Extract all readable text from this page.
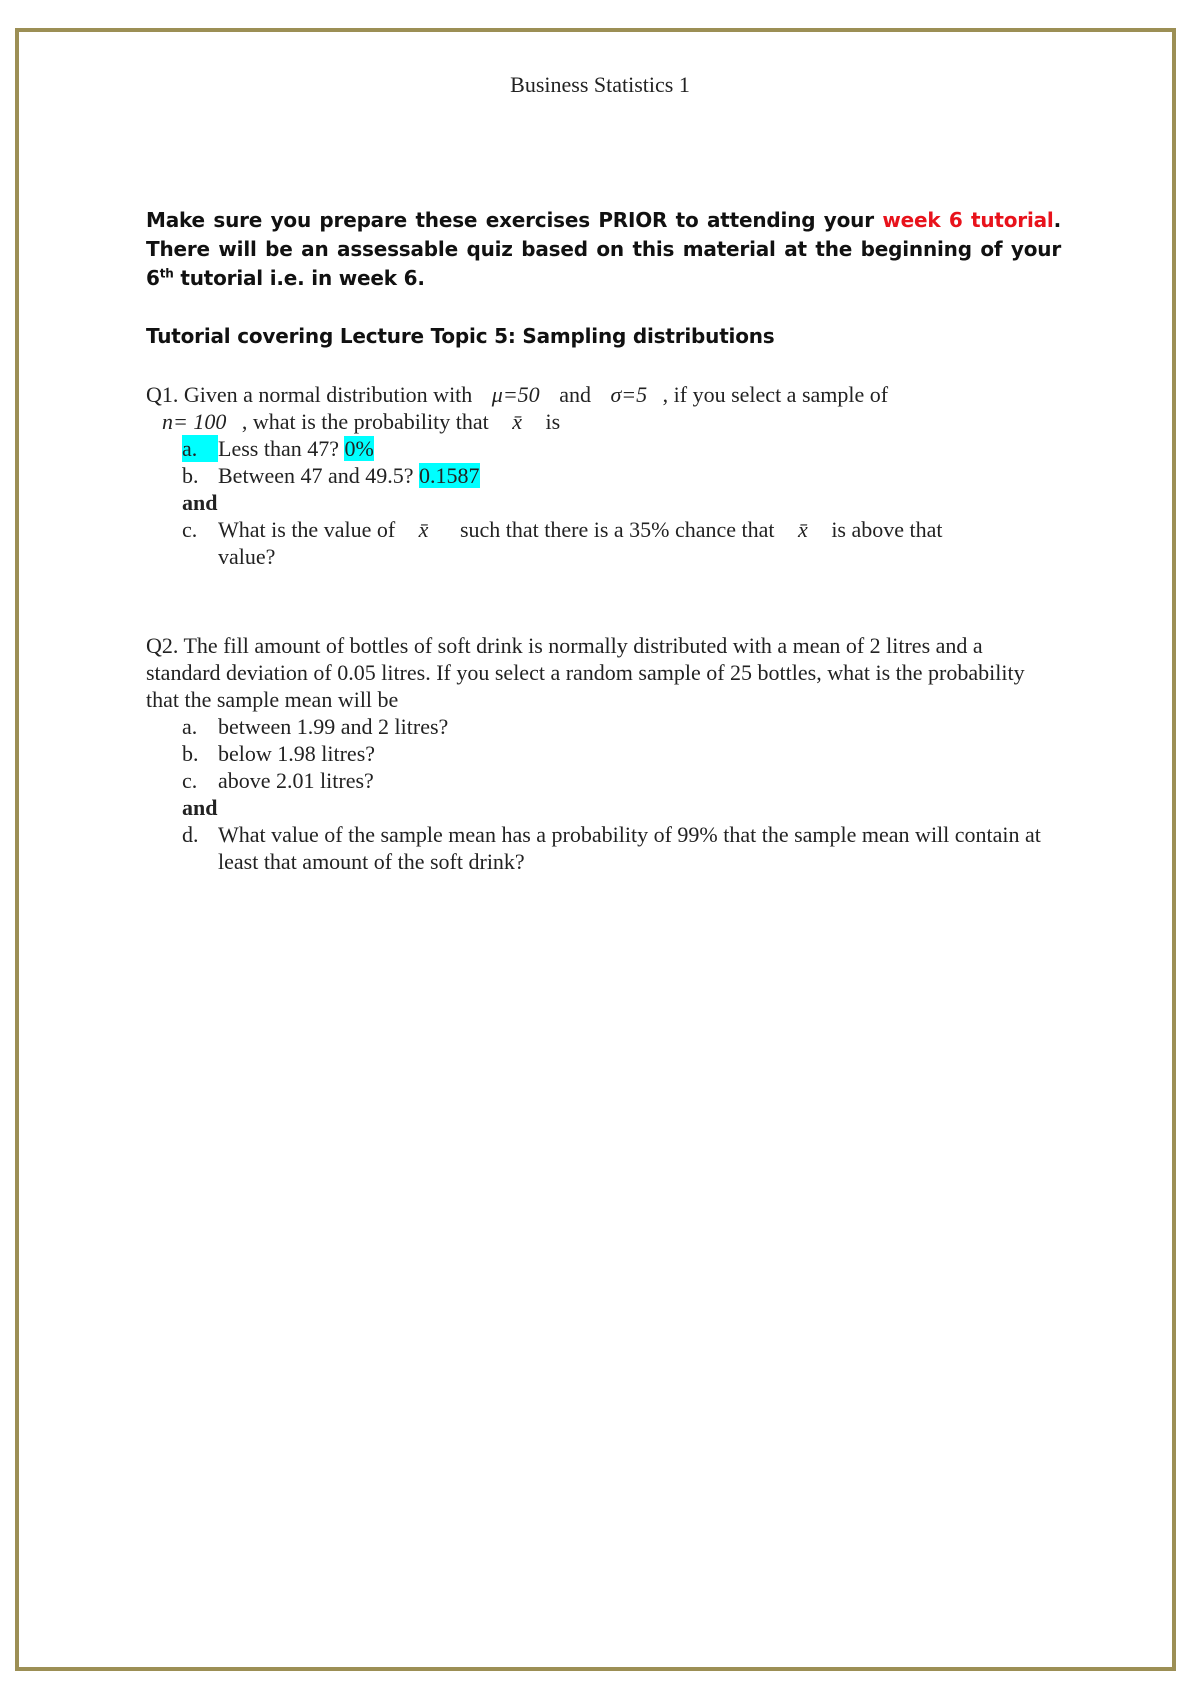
Business Statistics 1
Make sure you prepare these exercises PRIOR to attending your week 6 tutorial. There will be an assessable quiz based on this material at the beginning of your 6th tutorial i.e. in week 6.
Tutorial covering Lecture Topic 5: Sampling distributions
Q1. Given a normal distribution with μ=50 and σ=5 , if you select a sample of
n= 100 , what is the probability that x̄ is
a. Less than 47? 0%
b. Between 47 and 49.5? 0.1587
and
c. What is the value of x̄ such that there is a 35% chance that x̄ is above that
value?
Q2. The fill amount of bottles of soft drink is normally distributed with a mean of 2 litres and a standard deviation of 0.05 litres. If you select a random sample of 25 bottles, what is the probability that the sample mean will be
a. between 1.99 and 2 litres?
b. below 1.98 litres?
c. above 2.01 litres?
and
d. What value of the sample mean has a probability of 99% that the sample mean will contain at least that amount of the soft drink?
